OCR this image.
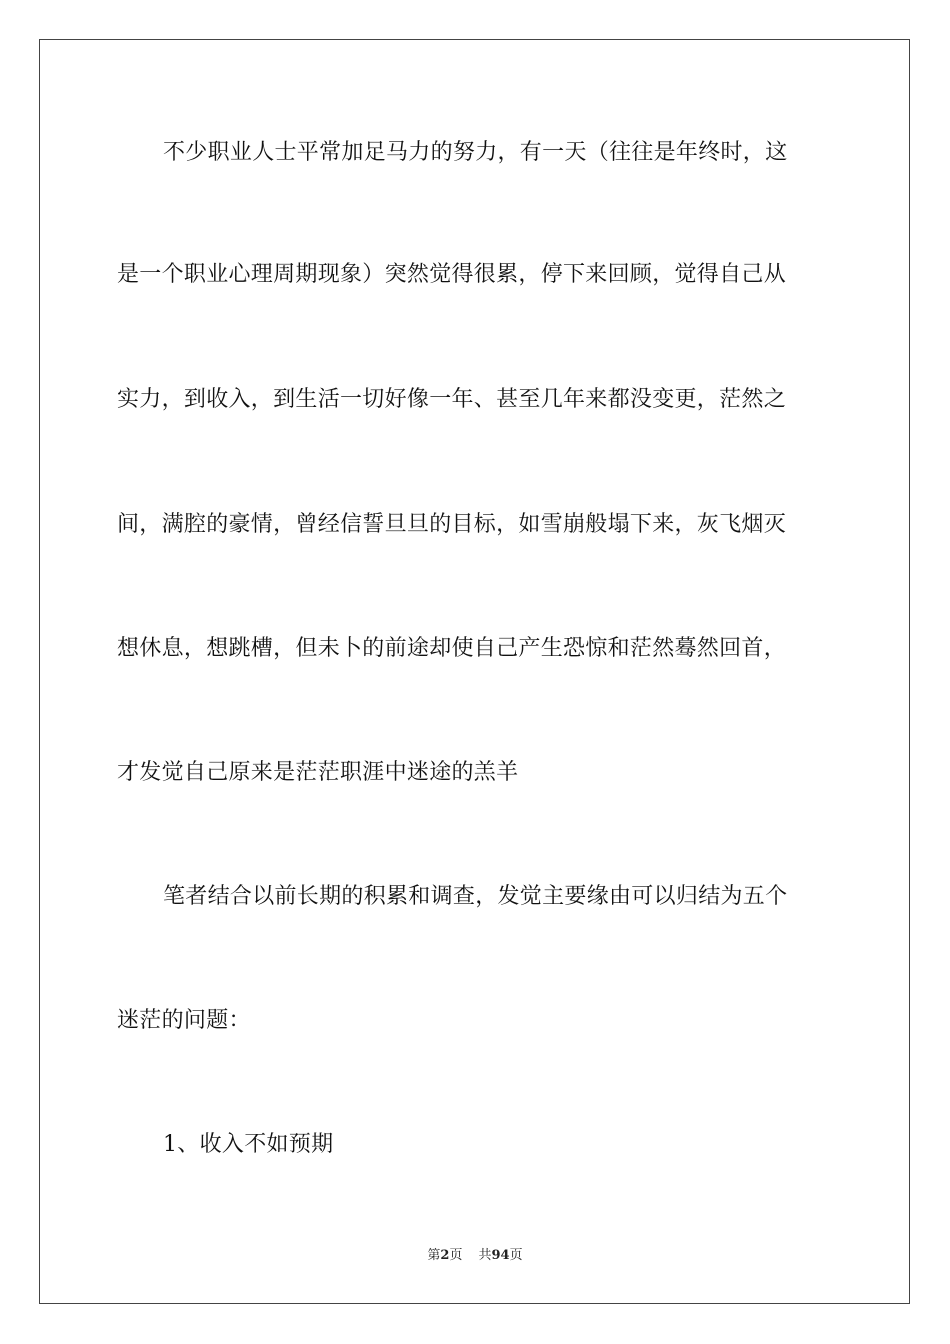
不少职业人士平常加足马力的努力，有一天（往往是年终时，这
是一个职业心理周期现象）突然觉得很累，停下来回顾，觉得自己从
实力，到收入，到生活一切好像一年、甚至几年来都没变更，茫然之
间，满腔的豪情，曾经信誓旦旦的目标，如雪崩般塌下来，灰飞烟灭
想休息，想跳槽，但未卜的前途却使自己产生恐惊和茫然蓦然回首，
才发觉自己原来是茫茫职涯中迷途的羔羊
笔者结合以前长期的积累和调查，发觉主要缘由可以归结为五个
迷茫的问题：
1、收入不如预期
第2页 共94页
